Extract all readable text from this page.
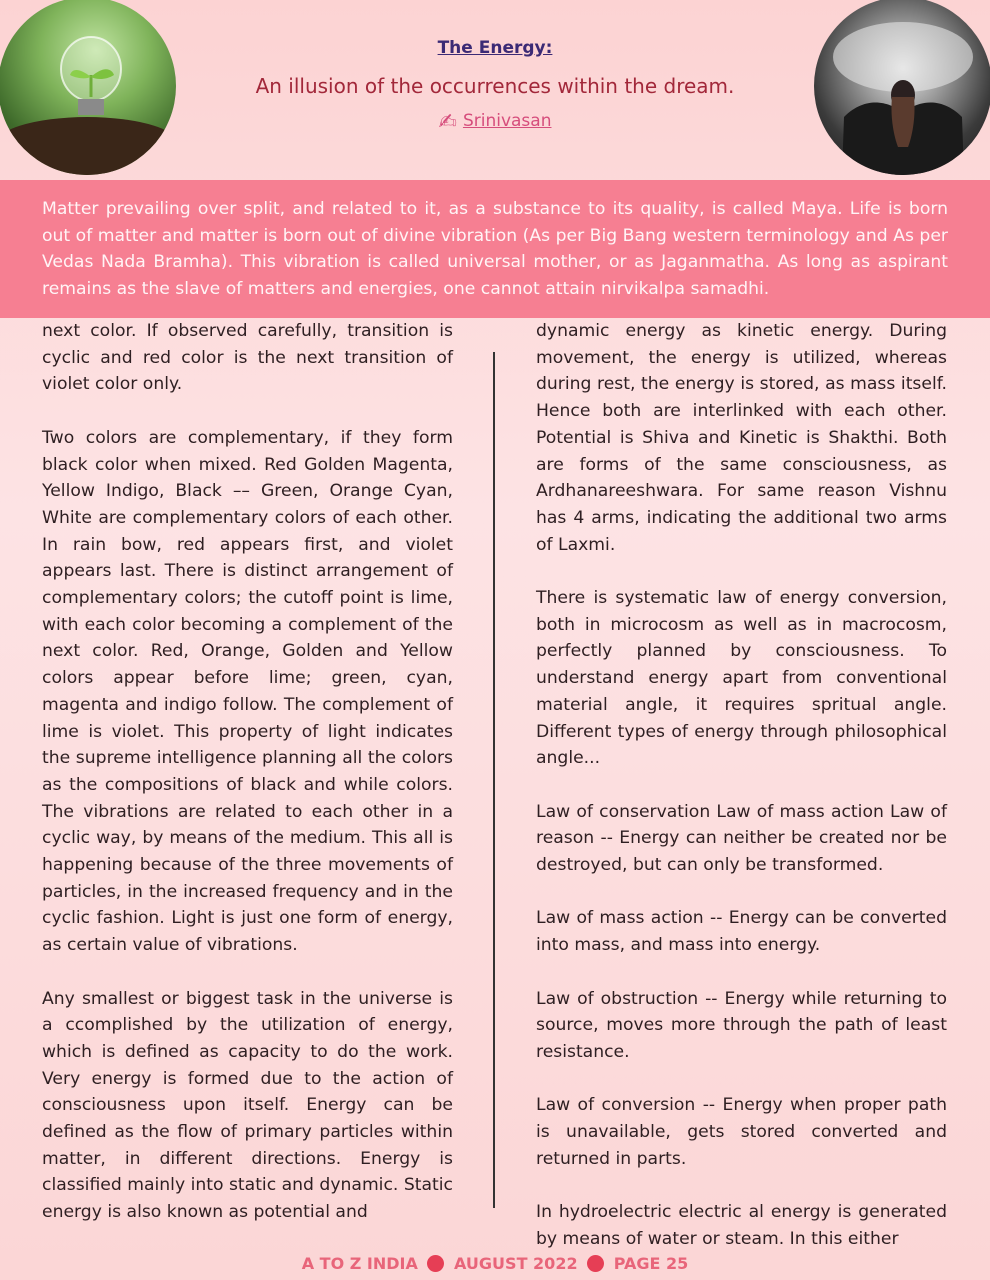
The Energy:
An illusion of the occurrences within the dream.
✍ Srinivasan

Matter prevailing over split, and related to it, as a substance to its quality, is called Maya. Life is born out of matter and matter is born out of divine vibration (As per Big Bang western terminology and As per Vedas Nada Bramha). This vibration is called universal mother, or as Jaganmatha. As long as aspirant remains as the slave of matters and energies, one cannot attain nirvikalpa samadhi.

next color. If observed carefully, transition is cyclic and red color is the next transition of violet color only.

Two colors are complementary, if they form black color when mixed. Red Golden Magenta, Yellow Indigo, Black –– Green, Orange Cyan, White are complementary colors of each other. In rain bow, red appears first, and violet appears last. There is distinct arrangement of complementary colors; the cutoff point is lime, with each color becoming a complement of the next color. Red, Orange, Golden and Yellow colors appear before lime; green, cyan, magenta and indigo follow. The complement of lime is violet. This property of light indicates the supreme intelligence planning all the colors as the compositions of black and while colors. The vibrations are related to each other in a cyclic way, by means of the medium. This all is happening because of the three movements of particles, in the increased frequency and in the cyclic fashion. Light is just one form of energy, as certain value of vibrations.

Any smallest or biggest task in the universe is a ccomplished by the utilization of energy, which is defined as capacity to do the work. Very energy is formed due to the action of consciousness upon itself. Energy can be defined as the flow of primary particles within matter, in different directions. Energy is classified mainly into static and dynamic. Static energy is also known as potential and

dynamic energy as kinetic energy. During movement, the energy is utilized, whereas during rest, the energy is stored, as mass itself. Hence both are interlinked with each other. Potential is Shiva and Kinetic is Shakthi. Both are forms of the same consciousness, as Ardhanareeshwara. For same reason Vishnu has 4 arms, indicating the additional two arms of Laxmi.

There is systematic law of energy conversion, both in microcosm as well as in macrocosm, perfectly planned by consciousness. To understand energy apart from conventional material angle, it requires spritual angle. Different types of energy through philosophical angle...

Law of conservation Law of mass action Law of reason -- Energy can neither be created nor be destroyed, but can only be transformed.

Law of mass action -- Energy can be converted into mass, and mass into energy.

Law of obstruction -- Energy while returning to source, moves more through the path of least resistance.

Law of conversion -- Energy when proper path is unavailable, gets stored converted and returned in parts.

In hydroelectric electric al energy is generated by means of water or steam. In this either

A TO Z INDIA AUGUST 2022 PAGE 25
